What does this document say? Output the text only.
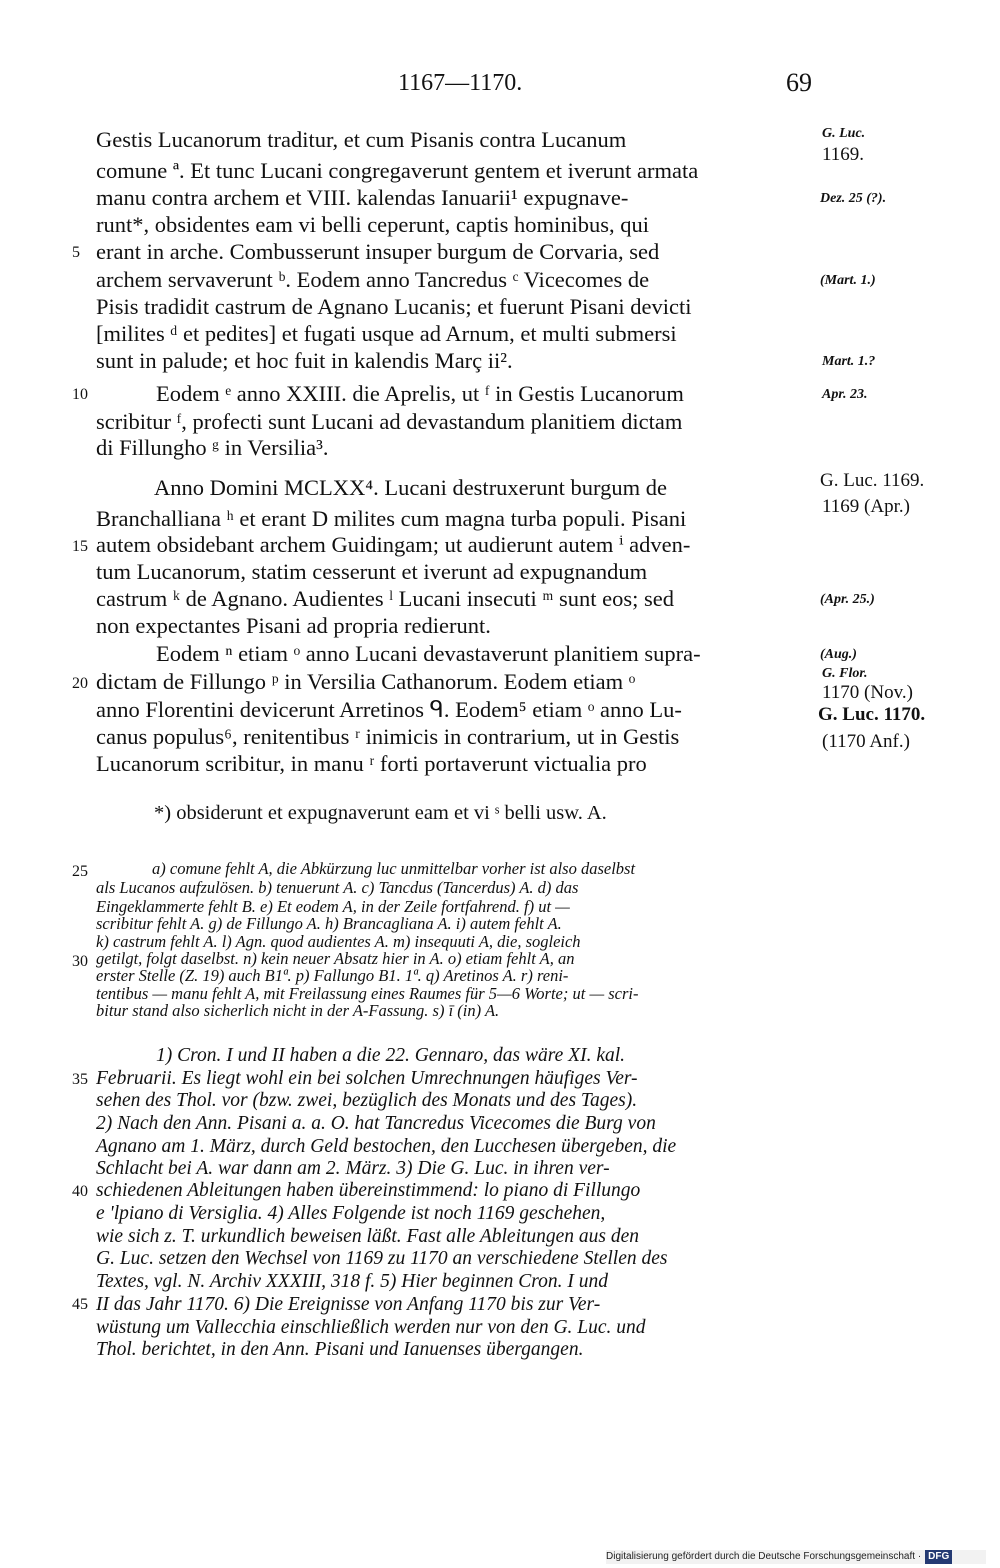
1167—1170.	69
Gestis Lucanorum traditur, et cum Pisanis contra Lucanum
comune ª. Et tunc Lucani congregaverunt gentem et iverunt armata
manu contra archem et VIII. kalendas Ianuarii¹ expugnave-
runt*, obsidentes eam vi belli ceperunt, captis hominibus, qui
erant in arche. Combusserunt insuper burgum de Corvaria, sed
archem servaverunt ᵇ. Eodem anno Tancredus ᶜ Vicecomes de
Pisis tradidit castrum de Agnano Lucanis; et fuerunt Pisani devicti
[milites ᵈ et pedites] et fugati usque ad Arnum, et multi submersi
sunt in palude; et hoc fuit in kalendis Març ii².
Eodem ᵉ anno XXIII. die Aprelis, ut ᶠ in Gestis Lucanorum
scribitur ᶠ, profecti sunt Lucani ad devastandum planitiem dictam
di Fillungho ᵍ in Versilia³.
Anno Domini MCLXX⁴. Lucani destruxerunt burgum de
Branchalliana ʰ et erant D milites cum magna turba populi. Pisani
autem obsidebant archem Guidingam; ut audierunt autem ⁱ adven-
tum Lucanorum, statim cesserunt et iverunt ad expugnandum
castrum ᵏ de Agnano. Audientes ˡ Lucani insecuti ᵐ sunt eos; sed
non expectantes Pisani ad propria redierunt.
Eodem ⁿ etiam ᵒ anno Lucani devastaverunt planitiem supra-
dictam de Fillungo ᵖ in Versilia Cathanorum. Eodem etiam ᵒ
anno Florentini devicerunt Arretinos ᑫ. Eodem⁵ etiam ᵒ anno Lu-
canus populus⁶, renitentibus ʳ inimicis in contrarium, ut in Gestis
Lucanorum scribitur, in manu ʳ forti portaverunt victualia pro
*) obsiderunt et expugnaverunt eam et vi ˢ belli usw. A.
a) comune fehlt A, die Abkürzung luc unmittelbar vorher ist also daselbst
als Lucanos aufzulösen. b) tenuerunt A. c) Tancdus (Tancerdus) A. d) das
Eingeklammerte fehlt B. e) Et eodem A, in der Zeile fortfahrend. f) ut —
scribitur fehlt A. g) de Fillungo A. h) Brancagliana A. i) autem fehlt A.
k) castrum fehlt A. l) Agn. quod audientes A. m) insequuti A, die, sogleich
getilgt, folgt daselbst. n) kein neuer Absatz hier in A. o) etiam fehlt A, an
erster Stelle (Z. 19) auch B1ª. p) Fallungo B1. 1ª. q) Aretinos A. r) reni-
tentibus — manu fehlt A, mit Freilassung eines Raumes für 5—6 Worte; ut — scri-
bitur stand also sicherlich nicht in der A-Fassung. s) ī (in) A.
1) Cron. I und II haben a die 22. Gennaro, das wäre XI. kal.
Februarii. Es liegt wohl ein bei solchen Umrechnungen häufiges Ver-
sehen des Thol. vor (bzw. zwei, bezüglich des Monats und des Tages).
2) Nach den Ann. Pisani a. a. O. hat Tancredus Vicecomes die Burg von
Agnano am 1. März, durch Geld bestochen, den Lucchesen übergeben, die
Schlacht bei A. war dann am 2. März. 3) Die G. Luc. in ihren ver-
schiedenen Ableitungen haben übereinstimmend: lo piano di Fillungo
e 'lpiano di Versiglia. 4) Alles Folgende ist noch 1169 geschehen,
wie sich z. T. urkundlich beweisen läßt. Fast alle Ableitungen aus den
G. Luc. setzen den Wechsel von 1169 zu 1170 an verschiedene Stellen des
Textes, vgl. N. Archiv XXXIII, 318 f. 5) Hier beginnen Cron. I und
II das Jahr 1170. 6) Die Ereignisse von Anfang 1170 bis zur Ver-
wüstung um Vallecchia einschließlich werden nur von den G. Luc. und
Thol. berichtet, in den Ann. Pisani und Ianuenses übergangen.
5
10
15
20
25
30
35
40
45
G. Luc.
1169.
Dez. 25 (?).
(Mart. 1.)
Mart. 1.?
Apr. 23.
G. Luc. 1169.
1169 (Apr.)
(Apr. 25.)
(Aug.)
G. Flor.
1170 (Nov.)
G. Luc. 1170.
(1170 Anf.)
Digitalisierung gefördert durch die Deutsche Forschungsgemeinschaft · DFG
